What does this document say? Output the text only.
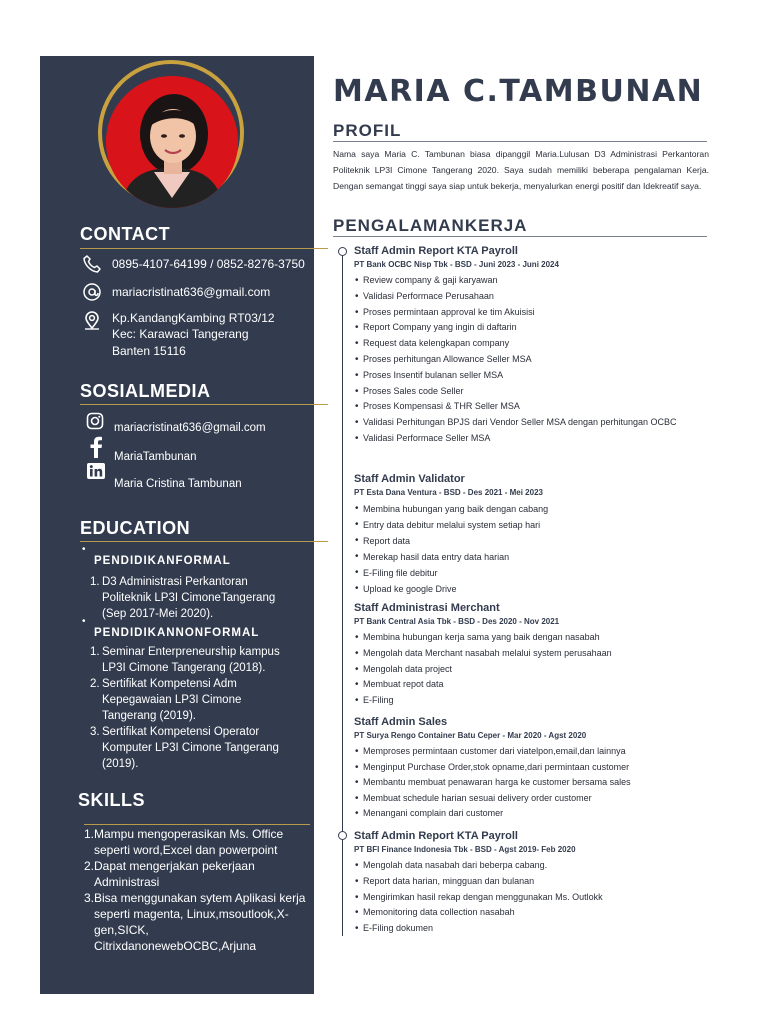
CONTACT
0895-4107-64199 / 0852-8276-3750
mariacristinat636@gmail.com
Kp.KandangKambing RT03/12
Kec: Karawaci Tangerang
Banten 15116
SOSIALMEDIA
mariacristinat636@gmail.com
MariaTambunan
Maria Cristina Tambunan
EDUCATION
•
PENDIDIKANFORMAL
1. D3 Administrasi Perkantoran Politeknik LP3I CimoneTangerang (Sep 2017-Mei 2020).
•
PENDIDIKANNONFORMAL
1. Seminar Enterpreneurship kampus LP3I Cimone Tangerang (2018).
2. Sertifikat Kompetensi Adm Kepegawaian LP3I Cimone Tangerang (2019).
3. Sertifikat Kompetensi Operator Komputer LP3I Cimone Tangerang (2019).
SKILLS
1. Mampu mengoperasikan Ms. Office seperti word,Excel dan powerpoint
2. Dapat mengerjakan pekerjaan Administrasi
3. Bisa menggunakan sytem Aplikasi kerja seperti magenta, Linux,msoutlook,X-gen,SICK, CitrixdanonewebOCBC,Arjuna
MARIA C.TAMBUNAN
PROFIL
Nama saya Maria C. Tambunan biasa dipanggil Maria.Lulusan D3 Administrasi Perkantoran Politeknik LP3I Cimone Tangerang 2020. Saya sudah memiliki beberapa pengalaman Kerja. Dengan semangat tinggi saya siap untuk bekerja, menyalurkan energi positif dan Idekreatif saya.
PENGALAMANKERJA
Staff Admin Report KTA Payroll
PT Bank OCBC Nisp Tbk - BSD - Juni 2023 - Juni 2024
• Review company & gaji karyawan
• Validasi Performace Perusahaan
• Proses permintaan approval ke tim Akuisisi
• Report Company yang ingin di daftarin
• Request data kelengkapan company
• Proses perhitungan Allowance Seller MSA
• Proses Insentif bulanan seller MSA
• Proses Sales code Seller
• Proses Kompensasi & THR Seller MSA
• Validasi Perhitungan BPJS dari Vendor Seller MSA dengan perhitungan OCBC
• Validasi Performace Seller MSA
Staff Admin Validator
PT Esta Dana Ventura - BSD - Des 2021 - Mei 2023
• Membina hubungan yang baik dengan cabang
• Entry data debitur melalui system setiap hari
• Report data
• Merekap hasil data entry data harian
• E-Filing file debitur
• Upload ke google Drive
Staff Administrasi Merchant
PT Bank Central Asia Tbk - BSD - Des 2020 - Nov 2021
• Membina hubungan kerja sama yang baik dengan nasabah
• Mengolah data Merchant nasabah melalui system perusahaan
• Mengolah data project
• Membuat repot data
• E-Filing
Staff Admin Sales
PT Surya Rengo Container Batu Ceper - Mar 2020 - Agst 2020
• Memproses permintaan customer dari viatelpon,email,dan lainnya
• Menginput Purchase Order,stok opname,dari permintaan customer
• Membantu membuat penawaran harga ke customer bersama sales
• Membuat schedule harian sesuai delivery order customer
• Menangani complain dari customer
Staff Admin Report KTA Payroll
PT BFI Finance Indonesia Tbk - BSD - Agst 2019- Feb 2020
• Mengolah data nasabah dari beberpa cabang.
• Report data harian, mingguan dan bulanan
• Mengirimkan hasil rekap dengan menggunakan Ms. Outlokk
• Memonitoring data collection nasabah
• E-Filing dokumen
